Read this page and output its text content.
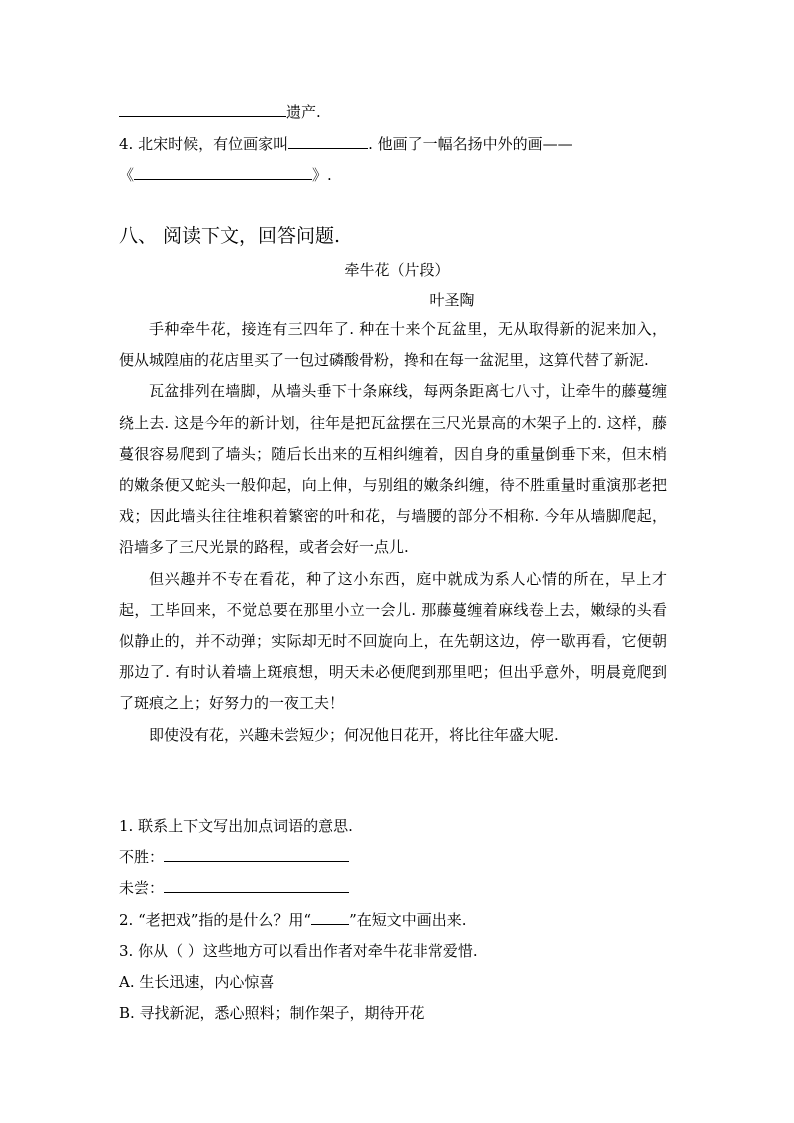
遗产.
4. 北宋时候，有位画家叫	. 他画了一幅名扬中外的画——
《	》.
八、 阅读下文，回答问题.
牵牛花（片段）
叶圣陶

手种牵牛花，接连有三四年了. 种在十来个瓦盆里，无从取得新的泥来加入，便从城隍庙的花店里买了一包过磷酸骨粉，搀和在每一盆泥里，这算代替了新泥.

瓦盆排列在墙脚，从墙头垂下十条麻线，每两条距离七八寸，让牵牛的藤蔓缠绕上去. 这是今年的新计划，往年是把瓦盆摆在三尺光景高的木架子上的. 这样，藤蔓很容易爬到了墙头；随后长出来的互相纠缠着，因自身的重量倒垂下来，但末梢的嫩条便又蛇头一般仰起，向上伸，与别组的嫩条纠缠，待不胜重量时重演那老把戏；因此墙头往往堆积着繁密的叶和花，与墙腰的部分不相称. 今年从墙脚爬起，沿墙多了三尺光景的路程，或者会好一点儿.

但兴趣并不专在看花，种了这小东西，庭中就成为系人心情的所在，早上才起，工毕回来，不觉总要在那里小立一会儿. 那藤蔓缠着麻线卷上去，嫩绿的头看似静止的，并不动弹；实际却无时不回旋向上，在先朝这边，停一歇再看，它便朝那边了. 有时认着墙上斑痕想，明天未必便爬到那里吧；但出乎意外，明晨竟爬到了斑痕之上；好努力的一夜工夫！

即使没有花，兴趣未尝短少；何况他日花开，将比往年盛大呢.

1. 联系上下文写出加点词语的意思.
不胜：
未尝：
2. “老把戏”指的是什么？用“	”在短文中画出来.
3. 你从（ ）这些地方可以看出作者对牵牛花非常爱惜.
A. 生长迅速，内心惊喜
B. 寻找新泥，悉心照料；制作架子，期待开花
